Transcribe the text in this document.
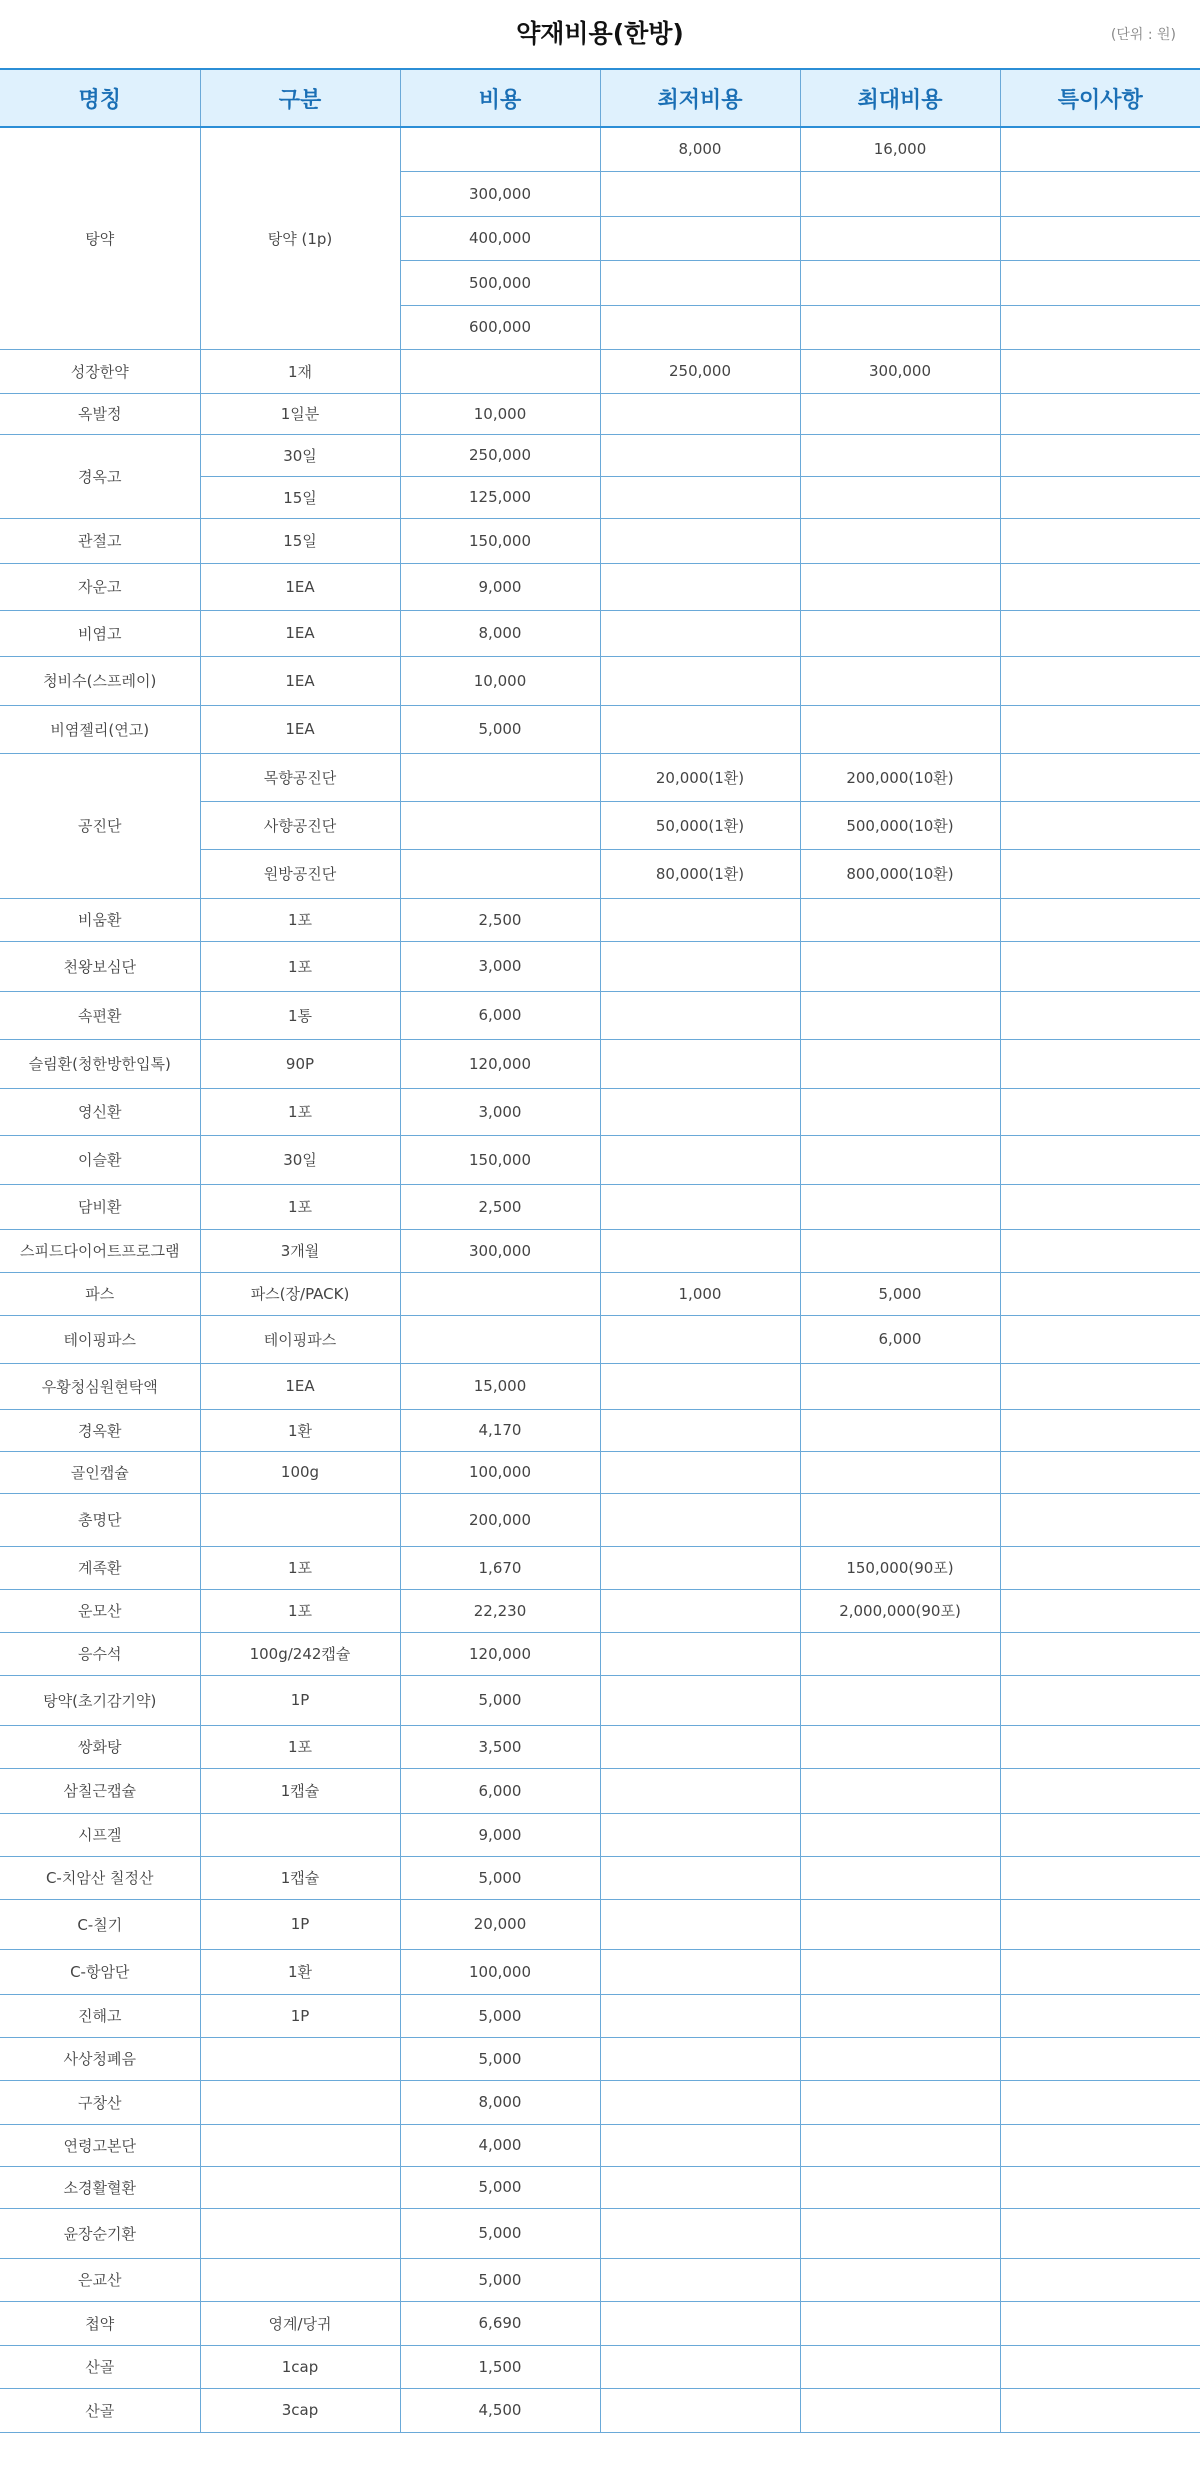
약재비용(한방)	(단위 : 원)
명칭	구분	비용	최저비용	최대비용	특이사항
탕약	탕약 (1p)		8,000	16,000	
		300,000			
		400,000			
		500,000			
		600,000			
성장한약	1재		250,000	300,000	
옥발정	1일분	10,000			
경옥고	30일	250,000			
	15일	125,000			
관절고	15일	150,000			
자운고	1EA	9,000			
비염고	1EA	8,000			
청비수(스프레이)	1EA	10,000			
비염젤리(연고)	1EA	5,000			
공진단	목향공진단		20,000(1환)	200,000(10환)	
	사향공진단		50,000(1환)	500,000(10환)	
	원방공진단		80,000(1환)	800,000(10환)	
비움환	1포	2,500			
천왕보심단	1포	3,000			
속편환	1통	6,000			
슬림환(청한방한입톡)	90P	120,000			
영신환	1포	3,000			
이슬환	30일	150,000			
담비환	1포	2,500			
스피드다이어트프로그램	3개월	300,000			
파스	파스(장/PACK)		1,000	5,000	
테이핑파스	테이핑파스			6,000	
우황청심원현탁액	1EA	15,000			
경옥환	1환	4,170			
골인캡슐	100g	100,000			
총명단		200,000			
계족환	1포	1,670		150,000(90포)	
운모산	1포	22,230		2,000,000(90포)	
응수석	100g/242캡슐	120,000			
탕약(초기감기약)	1P	5,000			
쌍화탕	1포	3,500			
삼칠근캡슐	1캡슐	6,000			
시프겔		9,000			
C-치암산 칠정산	1캡슐	5,000			
C-칠기	1P	20,000			
C-항암단	1환	100,000			
진해고	1P	5,000			
사상청폐음		5,000			
구창산		8,000			
연령고본단		4,000			
소경활혈환		5,000			
윤장순기환		5,000			
은교산		5,000			
첩약	영계/당귀	6,690			
산골	1cap	1,500			
산골	3cap	4,500			
